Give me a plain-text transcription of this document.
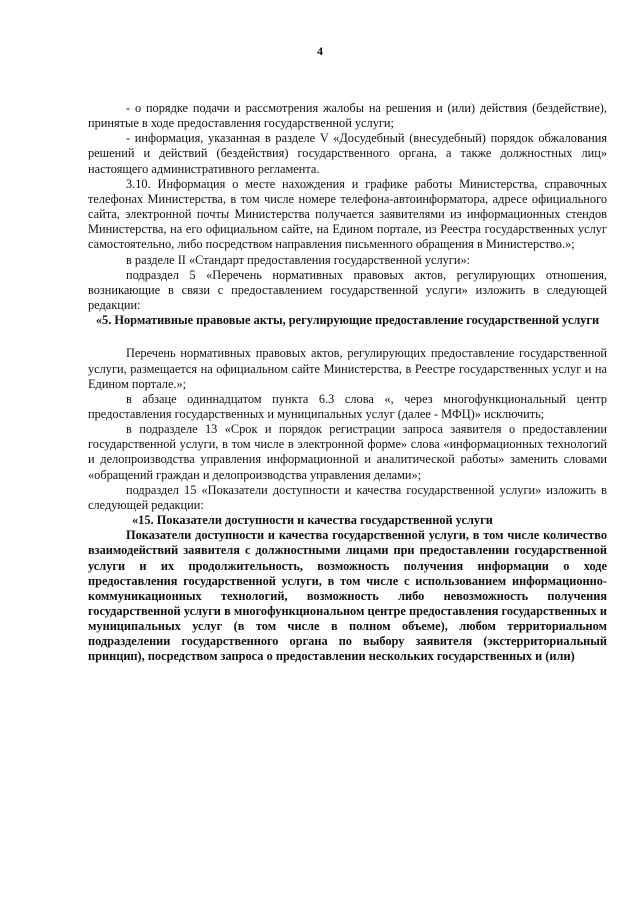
4

- о порядке подачи и рассмотрения жалобы на решения и (или) действия (бездействие), принятые в ходе предоставления государственной услуги;

- информация, указанная в разделе V «Досудебный (внесудебный) порядок обжалования решений и действий (бездействия) государственного органа, а также должностных лиц» настоящего административного регламента.

3.10. Информация о месте нахождения и графике работы Министерства, справочных телефонах Министерства, в том числе номере телефона-автоинформатора, адресе официального сайта, электронной почты Министерства получается заявителями из информационных стендов Министерства, на его официальном сайте, на Едином портале, из Реестра государственных услуг самостоятельно, либо посредством направления письменного обращения в Министерство.»;

в разделе II «Стандарт предоставления государственной услуги»:

подраздел 5 «Перечень нормативных правовых актов, регулирующих отношения, возникающие в связи с предоставлением государственной услуги» изложить в следующей редакции:

«5. Нормативные правовые акты, регулирующие предоставление государственной услуги

Перечень нормативных правовых актов, регулирующих предоставление государственной услуги, размещается на официальном сайте Министерства, в Реестре государственных услуг и на Едином портале.»;

в абзаце одиннадцатом пункта 6.3 слова «, через многофункциональный центр предоставления государственных и муниципальных услуг (далее - МФЦ)» исключить;

в подразделе 13 «Срок и порядок регистрации запроса заявителя о предоставлении государственной услуги, в том числе в электронной форме» слова «информационных технологий и делопроизводства управления информационной и аналитической работы» заменить словами «обращений граждан и делопроизводства управления делами»;

подраздел 15 «Показатели доступности и качества государственной услуги» изложить в следующей редакции:

«15. Показатели доступности и качества государственной услуги

Показатели доступности и качества государственной услуги, в том числе количество взаимодействий заявителя с должностными лицами при предоставлении государственной услуги и их продолжительность, возможность получения информации о ходе предоставления государственной услуги, в том числе с использованием информационно-коммуникационных технологий, возможность либо невозможность получения государственной услуги в многофункциональном центре предоставления государственных и муниципальных услуг (в том числе в полном объеме), любом территориальном подразделении государственного органа по выбору заявителя (экстерриториальный принцип), посредством запроса о предоставлении нескольких государственных и (или)
